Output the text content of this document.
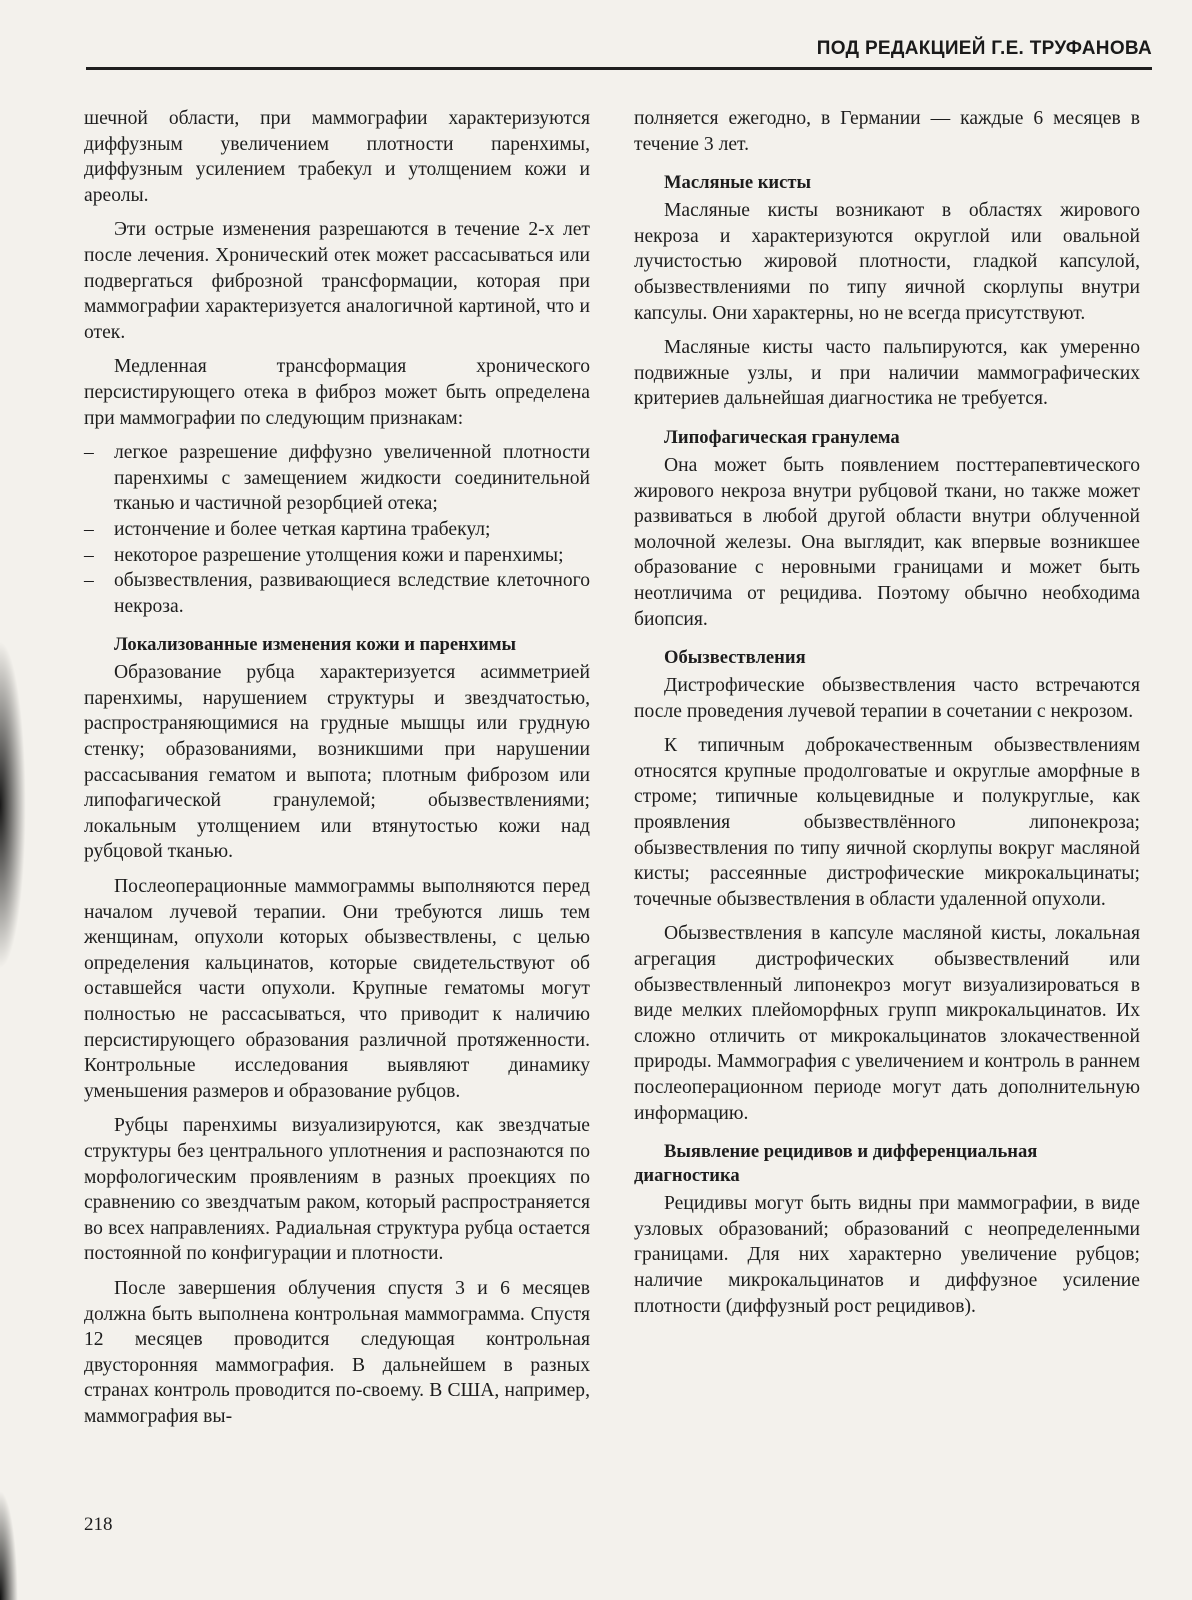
ПОД РЕДАКЦИЕЙ Г.Е. ТРУФАНОВА

шечной области, при маммографии характеризуются диффузным увеличением плотности паренхимы, диффузным усилением трабекул и утолщением кожи и ареолы.

Эти острые изменения разрешаются в течение 2-х лет после лечения. Хронический отек может рассасываться или подвергаться фиброзной трансформации, которая при маммографии характеризуется аналогичной картиной, что и отек.

Медленная трансформация хронического персистирующего отека в фиброз может быть определена при маммографии по следующим признакам:

– легкое разрешение диффузно увеличенной плотности паренхимы с замещением жидкости соединительной тканью и частичной резорбцией отека;
– истончение и более четкая картина трабекул;
– некоторое разрешение утолщения кожи и паренхимы;
– обызвествления, развивающиеся вследствие клеточного некроза.
Локализованные изменения кожи и паренхимы

Образование рубца характеризуется асимметрией паренхимы, нарушением структуры и звездчатостью, распространяющимися на грудные мышцы или грудную стенку; образованиями, возникшими при нарушении рассасывания гематом и выпота; плотным фиброзом или липофагической гранулемой; обызвествлениями; локальным утолщением или втянутостью кожи над рубцовой тканью.

Послеоперационные маммограммы выполняются перед началом лучевой терапии. Они требуются лишь тем женщинам, опухоли которых обызвествлены, с целью определения кальцинатов, которые свидетельствуют об оставшейся части опухоли. Крупные гематомы могут полностью не рассасываться, что приводит к наличию персистирующего образования различной протяженности. Контрольные исследования выявляют динамику уменьшения размеров и образование рубцов.

Рубцы паренхимы визуализируются, как звездчатые структуры без центрального уплотнения и распознаются по морфологическим проявлениям в разных проекциях по сравнению со звездчатым раком, который распространяется во всех направлениях. Радиальная структура рубца остается постоянной по конфигурации и плотности.

После завершения облучения спустя 3 и 6 месяцев должна быть выполнена контрольная маммограмма. Спустя 12 месяцев проводится следующая контрольная двусторонняя маммография. В дальнейшем в разных странах контроль проводится по-своему. В США, например, маммография вы-

полняется ежегодно, в Германии — каждые 6 месяцев в течение 3 лет.

Масляные кисты

Масляные кисты возникают в областях жирового некроза и характеризуются округлой или овальной лучистостью жировой плотности, гладкой капсулой, обызвествлениями по типу яичной скорлупы внутри капсулы. Они характерны, но не всегда присутствуют.

Масляные кисты часто пальпируются, как умеренно подвижные узлы, и при наличии маммографических критериев дальнейшая диагностика не требуется.

Липофагическая гранулема

Она может быть появлением посттерапевтического жирового некроза внутри рубцовой ткани, но также может развиваться в любой другой области внутри облученной молочной железы. Она выглядит, как впервые возникшее образование с неровными границами и может быть неотличима от рецидива. Поэтому обычно необходима биопсия.

Обызвествления

Дистрофические обызвествления часто встречаются после проведения лучевой терапии в сочетании с некрозом.

К типичным доброкачественным обызвествлениям относятся крупные продолговатые и округлые аморфные в строме; типичные кольцевидные и полукруглые, как проявления обызвествлённого липонекроза; обызвествления по типу яичной скорлупы вокруг масляной кисты; рассеянные дистрофические микрокальцинаты; точечные обызвествления в области удаленной опухоли.

Обызвествления в капсуле масляной кисты, локальная агрегация дистрофических обызвествлений или обызвествленный липонекроз могут визуализироваться в виде мелких плейоморфных групп микрокальцинатов. Их сложно отличить от микрокальцинатов злокачественной природы. Маммография с увеличением и контроль в раннем послеоперационном периоде могут дать дополнительную информацию.

Выявление рецидивов и дифференциальная диагностика

Рецидивы могут быть видны при маммографии, в виде узловых образований; образований с неопределенными границами. Для них характерно увеличение рубцов; наличие микрокальцинатов и диффузное усиление плотности (диффузный рост рецидивов).

218
